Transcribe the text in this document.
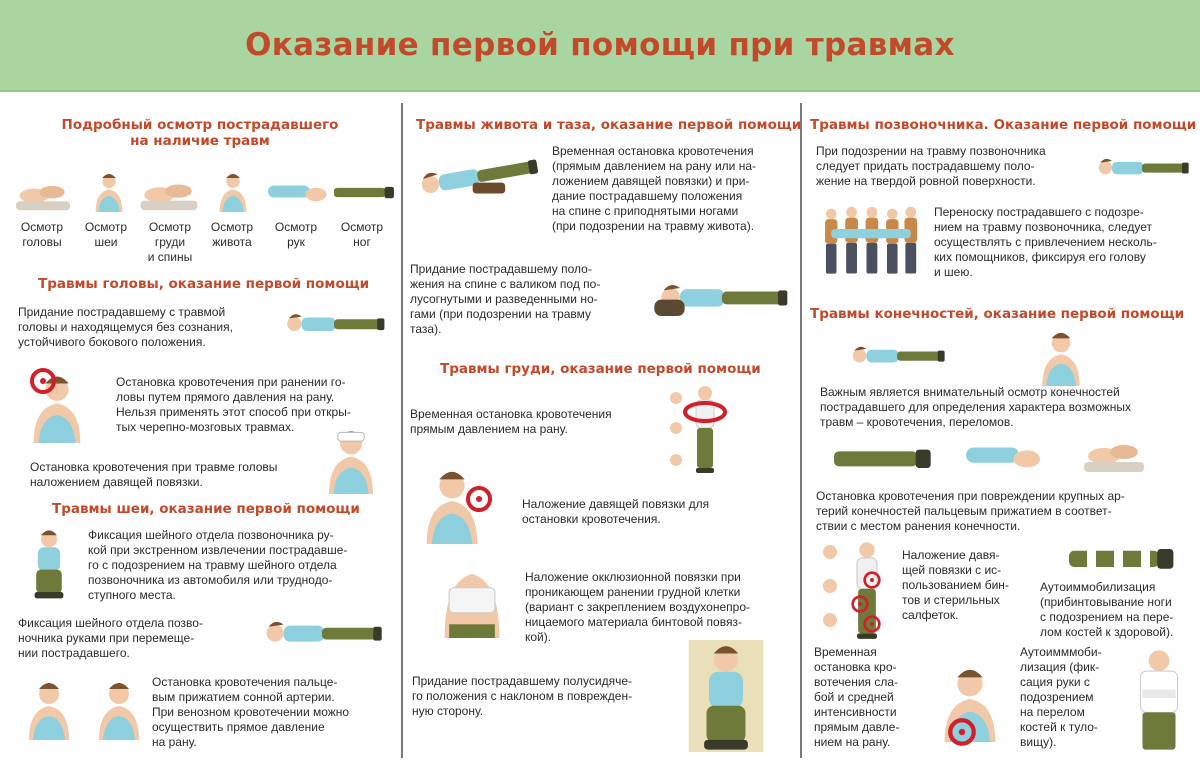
Оказание первой помощи при травмах
Подробный осмотр пострадавшего
на наличие травм
Осмотр
головы
Осмотр
шеи
Осмотр
груди
и спины
Осмотр
живота
Осмотр
рук
Осмотр
ног
Травмы головы, оказание первой помощи
Придание пострадавшему с травмой
головы и находящемуся без сознания,
устойчивого бокового положения.
Остановка кровотечения при ранении го-
ловы путем прямого давления на рану.
Нельзя применять этот способ при откры-
тых черепно-мозговых травмах.
Остановка кровотечения при травме головы
наложением давящей повязки.
Травмы шеи, оказание первой помощи
Фиксация шейного отдела позвоночника ру-
кой при экстренном извлечении пострадавше-
го с подозрением на травму шейного отдела
позвоночника из автомобиля или труднодо-
ступного места.
Фиксация шейного отдела позво-
ночника руками при перемеще-
нии пострадавшего.
Остановка кровотечения пальце-
вым прижатием сонной артерии.
При венозном кровотечении можно
осуществить прямое давление
на рану.
Травмы живота и таза, оказание первой помощи
Временная остановка кровотечения
(прямым давлением на рану или на-
ложением давящей повязки) и при-
дание пострадавшему положения
на спине с приподнятыми ногами
(при подозрении на травму живота).
Придание пострадавшему поло-
жения на спине с валиком под по-
лусогнутыми и разведенными но-
гами (при подозрении на травму
таза).
Травмы груди, оказание первой помощи
Временная остановка кровотечения
прямым давлением на рану.
Наложение давящей повязки для
остановки кровотечения.
Наложение окклюзионной повязки при
проникающем ранении грудной клетки
(вариант с закреплением воздухонепро-
ницаемого материала бинтовой повяз-
кой).
Придание пострадавшему полусидяче-
го положения с наклоном в поврежден-
ную сторону.
Травмы позвоночника. Оказание первой помощи
При подозрении на травму позвоночника
следует придать пострадавшему поло-
жение на твердой ровной поверхности.
Переноску пострадавшего с подозре-
нием на травму позвоночника, следует
осуществлять с привлечением несколь-
ких помощников, фиксируя его голову
и шею.
Травмы конечностей, оказание первой помощи
Важным является внимательный осмотр конечностей
пострадавшего для определения характера возможных
травм – кровотечения, переломов.
Остановка кровотечения при повреждении крупных ар-
терий конечностей пальцевым прижатием в соответ-
ствии с местом ранения конечности.
Наложение давя-
щей повязки с ис-
пользованием бин-
тов и стерильных
салфеток.
Аутоиммобилизация
(прибинтовывание ноги
с подозрением на пере-
лом костей к здоровой).
Временная
остановка кро-
вотечения сла-
бой и средней
интенсивности
прямым давле-
нием на рану.
Аутоимммоби-
лизация (фик-
сация руки с
подозрением
на перелом
костей к туло-
вищу).
